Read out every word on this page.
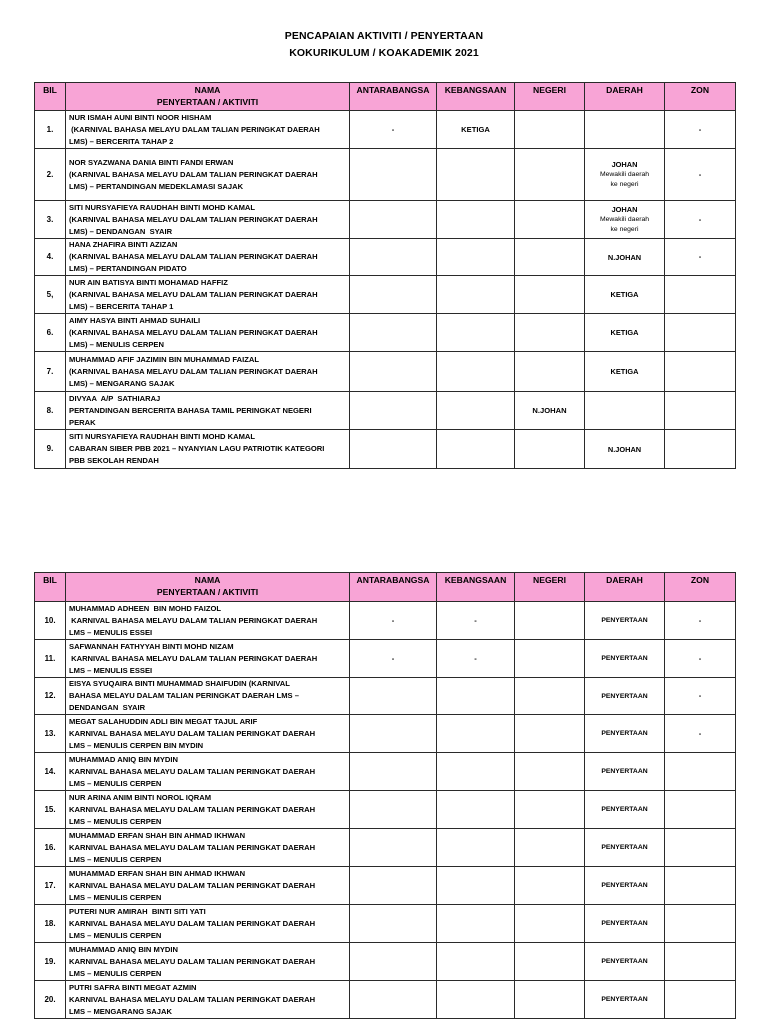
PENCAPAIAN AKTIVITI / PENYERTAAN
KOKURIKULUM / KOAKADEMIK 2021
BIL	NAMA
PENYERTAAN / AKTIVITI	ANTARABANGSA	KEBANGSAAN	NEGERI	DAERAH	ZON
1.	NUR ISMAH AUNI BINTI NOOR HISHAM
(KARNIVAL BAHASA MELAYU DALAM TALIAN PERINGKAT DAERAH
LMS) – BERCERITA TAHAP 2	-	KETIGA			-
2.	NOR SYAZWANA DANIA BINTI FANDI ERWAN
(KARNIVAL BAHASA MELAYU DALAM TALIAN PERINGKAT DAERAH
LMS) – PERTANDINGAN MEDEKLAMASI SAJAK				JOHAN
Mewakili daerah
ke negeri	-
3.	SITI NURSYAFIEYA RAUDHAH BINTI MOHD KAMAL
(KARNIVAL BAHASA MELAYU DALAM TALIAN PERINGKAT DAERAH
LMS) – DENDANGAN  SYAIR				JOHAN
Mewakili daerah
ke negeri	-
4.	HANA ZHAFIRA BINTI AZIZAN
(KARNIVAL BAHASA MELAYU DALAM TALIAN PERINGKAT DAERAH
LMS) – PERTANDINGAN PIDATO				N.JOHAN	-
5,	NUR AIN BATISYA BINTI MOHAMAD HAFFIZ
(KARNIVAL BAHASA MELAYU DALAM TALIAN PERINGKAT DAERAH
LMS) – BERCERITA TAHAP 1				KETIGA	

6.	AIMY HASYA BINTI AHMAD SUHAILI
(KARNIVAL BAHASA MELAYU DALAM TALIAN PERINGKAT DAERAH
LMS) – MENULIS CERPEN				KETIGA	

7.	MUHAMMAD AFIF JAZIMIN BIN MUHAMMAD FAIZAL
(KARNIVAL BAHASA MELAYU DALAM TALIAN PERINGKAT DAERAH
LMS) – MENGARANG SAJAK				KETIGA	

8.	DIVYAA  A/P  SATHIARAJ
PERTANDINGAN BERCERITA BAHASA TAMIL PERINGKAT NEGERI
PERAK			N.JOHAN	

9.	SITI NURSYAFIEYA RAUDHAH BINTI MOHD KAMAL
CABARAN SIBER PBB 2021 – NYANYIAN LAGU PATRIOTIK KATEGORI
PBB SEKOLAH RENDAH				N.JOHAN	

BIL	NAMA
PENYERTAAN / AKTIVITI	ANTARABANGSA	KEBANGSAAN	NEGERI	DAERAH	ZON
10.	MUHAMMAD ADHEEN  BIN MOHD FAIZOL
KARNIVAL BAHASA MELAYU DALAM TALIAN PERINGKAT DAERAH
LMS – MENULIS ESSEI	-	-		PENYERTAAN	-
11.	SAFWANNAH FATHYYAH BINTI MOHD NIZAM
KARNIVAL BAHASA MELAYU DALAM TALIAN PERINGKAT DAERAH
LMS – MENULIS ESSEI	-	-		PENYERTAAN	-
12.	EISYA SYUQAIRA BINTI MUHAMMAD SHAIFUDIN (KARNIVAL
BAHASA MELAYU DALAM TALIAN PERINGKAT DAERAH LMS –
DENDANGAN  SYAIR				PENYERTAAN	-
13.	MEGAT SALAHUDDIN ADLI BIN MEGAT TAJUL ARIF
KARNIVAL BAHASA MELAYU DALAM TALIAN PERINGKAT DAERAH
LMS – MENULIS CERPEN BIN MYDIN				PENYERTAAN	-
14.	MUHAMMAD ANIQ BIN MYDIN
KARNIVAL BAHASA MELAYU DALAM TALIAN PERINGKAT DAERAH
LMS – MENULIS CERPEN				PENYERTAAN	

15.	NUR ARINA ANIM BINTI NOROL IQRAM
KARNIVAL BAHASA MELAYU DALAM TALIAN PERINGKAT DAERAH
LMS – MENULIS CERPEN				PENYERTAAN	

16.	MUHAMMAD ERFAN SHAH BIN AHMAD IKHWAN
KARNIVAL BAHASA MELAYU DALAM TALIAN PERINGKAT DAERAH
LMS – MENULIS CERPEN				PENYERTAAN	

17.	MUHAMMAD ERFAN SHAH BIN AHMAD IKHWAN
KARNIVAL BAHASA MELAYU DALAM TALIAN PERINGKAT DAERAH
LMS – MENULIS CERPEN				PENYERTAAN	

18.	PUTERI NUR AMIRAH  BINTI SITI YATI
KARNIVAL BAHASA MELAYU DALAM TALIAN PERINGKAT DAERAH
LMS – MENULIS CERPEN				PENYERTAAN	

19.	MUHAMMAD ANIQ BIN MYDIN
KARNIVAL BAHASA MELAYU DALAM TALIAN PERINGKAT DAERAH
LMS – MENULIS CERPEN				PENYERTAAN	

20.	PUTRI SAFRA BINTI MEGAT AZMIN
KARNIVAL BAHASA MELAYU DALAM TALIAN PERINGKAT DAERAH
LMS – MENGARANG SAJAK				PENYERTAAN	
